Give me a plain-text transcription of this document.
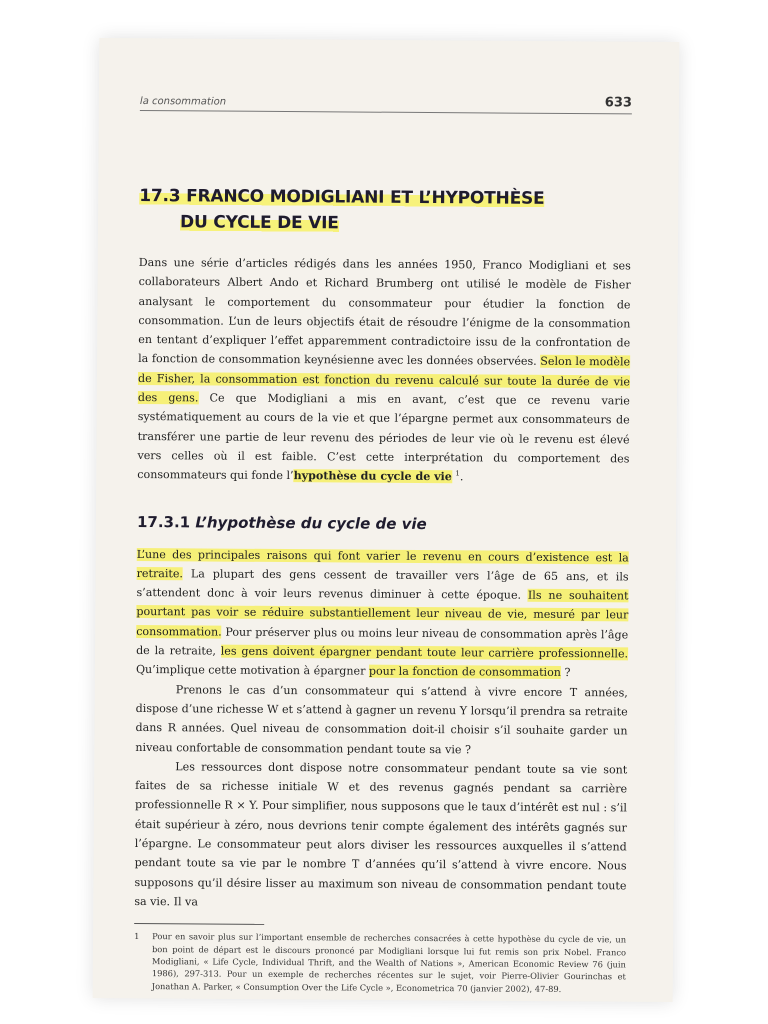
la consommation	633
17.3 FRANCO MODIGLIANI ET L’HYPOTHÈSE
DU CYCLE DE VIE

Dans une série d’articles rédigés dans les années 1950, Franco Modigliani et ses collaborateurs Albert Ando et Richard Brumberg ont utilisé le modèle de Fisher analysant le comportement du consommateur pour étudier la fonction de consommation. L’un de leurs objectifs était de résoudre l’énigme de la consommation en tentant d’expliquer l’effet apparemment contradictoire issu de la confrontation de la fonction de consommation keynésienne avec les données observées. Selon le modèle de Fisher, la consommation est fonction du revenu calculé sur toute la durée de vie des gens. Ce que Modigliani a mis en avant, c’est que ce revenu varie systématiquement au cours de la vie et que l’épargne permet aux consommateurs de transférer une partie de leur revenu des périodes de leur vie où le revenu est élevé vers celles où il est faible. C’est cette interprétation du comportement des consommateurs qui fonde l’hypothèse du cycle de vie $^1$.

17.3.1 L’hypothèse du cycle de vie

L’une des principales raisons qui font varier le revenu en cours d’existence est la retraite. La plupart des gens cessent de travailler vers l’âge de 65 ans, et ils s’attendent donc à voir leurs revenus diminuer à cette époque. Ils ne souhaitent pourtant pas voir se réduire substantiellement leur niveau de vie, mesuré par leur consommation. Pour préserver plus ou moins leur niveau de consommation après l’âge de la retraite, les gens doivent épargner pendant toute leur carrière professionnelle. Qu’implique cette motivation à épargner pour la fonction de consommation ?

Prenons le cas d’un consommateur qui s’attend à vivre encore T années, dispose d’une richesse W et s’attend à gagner un revenu Y lorsqu’il prendra sa retraite dans R années. Quel niveau de consommation doit-il choisir s’il souhaite garder un niveau confortable de consommation pendant toute sa vie ?

Les ressources dont dispose notre consommateur pendant toute sa vie sont faites de sa richesse initiale W et des revenus gagnés pendant sa carrière professionnelle R × Y. Pour simplifier, nous supposons que le taux d’intérêt est nul : s’il était supérieur à zéro, nous devrions tenir compte également des intérêts gagnés sur l’épargne. Le consommateur peut alors diviser les ressources auxquelles il s’attend pendant toute sa vie par le nombre T d’années qu’il s’attend à vivre encore. Nous supposons qu’il désire lisser au maximum son niveau de consommation pendant toute sa vie. Il va

1	Pour en savoir plus sur l’important ensemble de recherches consacrées à cette hypothèse du cycle de vie, un bon point de départ est le discours prononcé par Modigliani lorsque lui fut remis son prix Nobel. Franco Modigliani, « Life Cycle, Individual Thrift, and the Wealth of Nations », American Economic Review 76 (juin 1986), 297-313. Pour un exemple de recherches récentes sur le sujet, voir Pierre-Olivier Gourinchas et Jonathan A. Parker, « Consumption Over the Life Cycle », Econometrica 70 (janvier 2002), 47-89.
